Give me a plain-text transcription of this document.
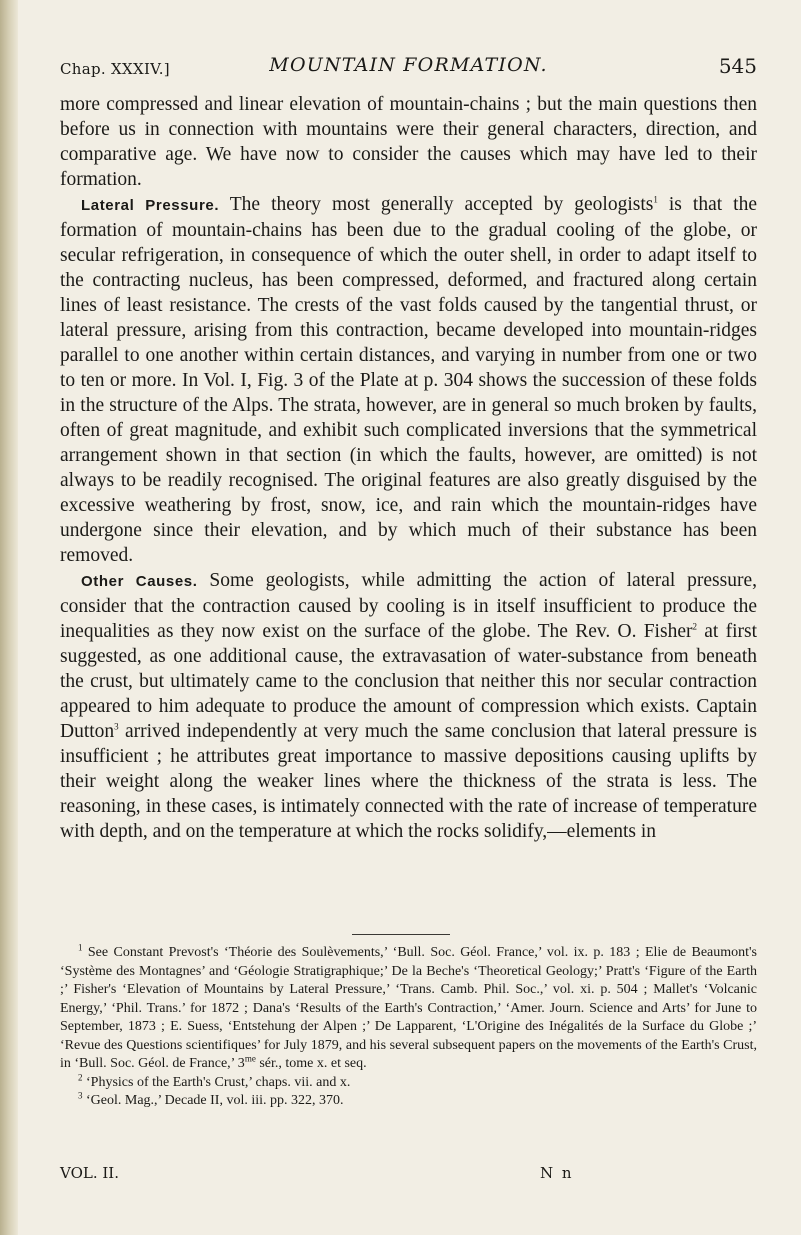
Chap. XXXIV.]	MOUNTAIN FORMATION.	545

more compressed and linear elevation of mountain-chains ; but the main questions then before us in connection with mountains were their general characters, direction, and comparative age. We have now to consider the causes which may have led to their formation.

Lateral Pressure. The theory most generally accepted by geologists$^1$ is that the formation of mountain-chains has been due to the gradual cooling of the globe, or secular refrigeration, in consequence of which the outer shell, in order to adapt itself to the contracting nucleus, has been compressed, deformed, and fractured along certain lines of least resistance. The crests of the vast folds caused by the tangential thrust, or lateral pressure, arising from this contraction, became developed into mountain-ridges parallel to one another within certain distances, and varying in number from one or two to ten or more. In Vol. I, Fig. 3 of the Plate at p. 304 shows the succession of these folds in the structure of the Alps. The strata, however, are in general so much broken by faults, often of great magnitude, and exhibit such complicated inversions that the symmetrical arrangement shown in that section (in which the faults, however, are omitted) is not always to be readily recognised. The original features are also greatly disguised by the excessive weathering by frost, snow, ice, and rain which the mountain-ridges have undergone since their elevation, and by which much of their substance has been removed.

Other Causes. Some geologists, while admitting the action of lateral pressure, consider that the contraction caused by cooling is in itself insufficient to produce the inequalities as they now exist on the surface of the globe. The Rev. O. Fisher$^2$ at first suggested, as one additional cause, the extravasation of water-substance from beneath the crust, but ultimately came to the conclusion that neither this nor secular contraction appeared to him adequate to produce the amount of compression which exists. Captain Dutton$^3$ arrived independently at very much the same conclusion that lateral pressure is insufficient ; he attributes great importance to massive depositions causing uplifts by their weight along the weaker lines where the thickness of the strata is less. The reasoning, in these cases, is intimately connected with the rate of increase of temperature with depth, and on the temperature at which the rocks solidify,—elements in

$^1$ See Constant Prevost's ‘Théorie des Soulèvements,’ ‘Bull. Soc. Géol. France,’ vol. ix. p. 183 ; Elie de Beaumont's ‘Système des Montagnes’ and ‘Géologie Stratigraphique;’ De la Beche's ‘Theoretical Geology;’ Pratt's ‘Figure of the Earth ;’ Fisher's ‘Elevation of Mountains by Lateral Pressure,’ ‘Trans. Camb. Phil. Soc.,’ vol. xi. p. 504 ; Mallet's ‘Volcanic Energy,’ ‘Phil. Trans.’ for 1872 ; Dana's ‘Results of the Earth's Contraction,’ ‘Amer. Journ. Science and Arts’ for June to September, 1873 ; E. Suess, ‘Entstehung der Alpen ;’ De Lapparent, ‘L'Origine des Inégalités de la Surface du Globe ;’ ‘Revue des Questions scientifiques’ for July 1879, and his several subsequent papers on the movements of the Earth's Crust, in ‘Bull. Soc. Géol. de France,’ $3^{me}$ sér., tome x. et seq.

$^2$ ‘Physics of the Earth's Crust,’ chaps. vii. and x.

$^3$ ‘Geol. Mag.,’ Decade II, vol. iii. pp. 322, 370.

VOL. II.	N n
